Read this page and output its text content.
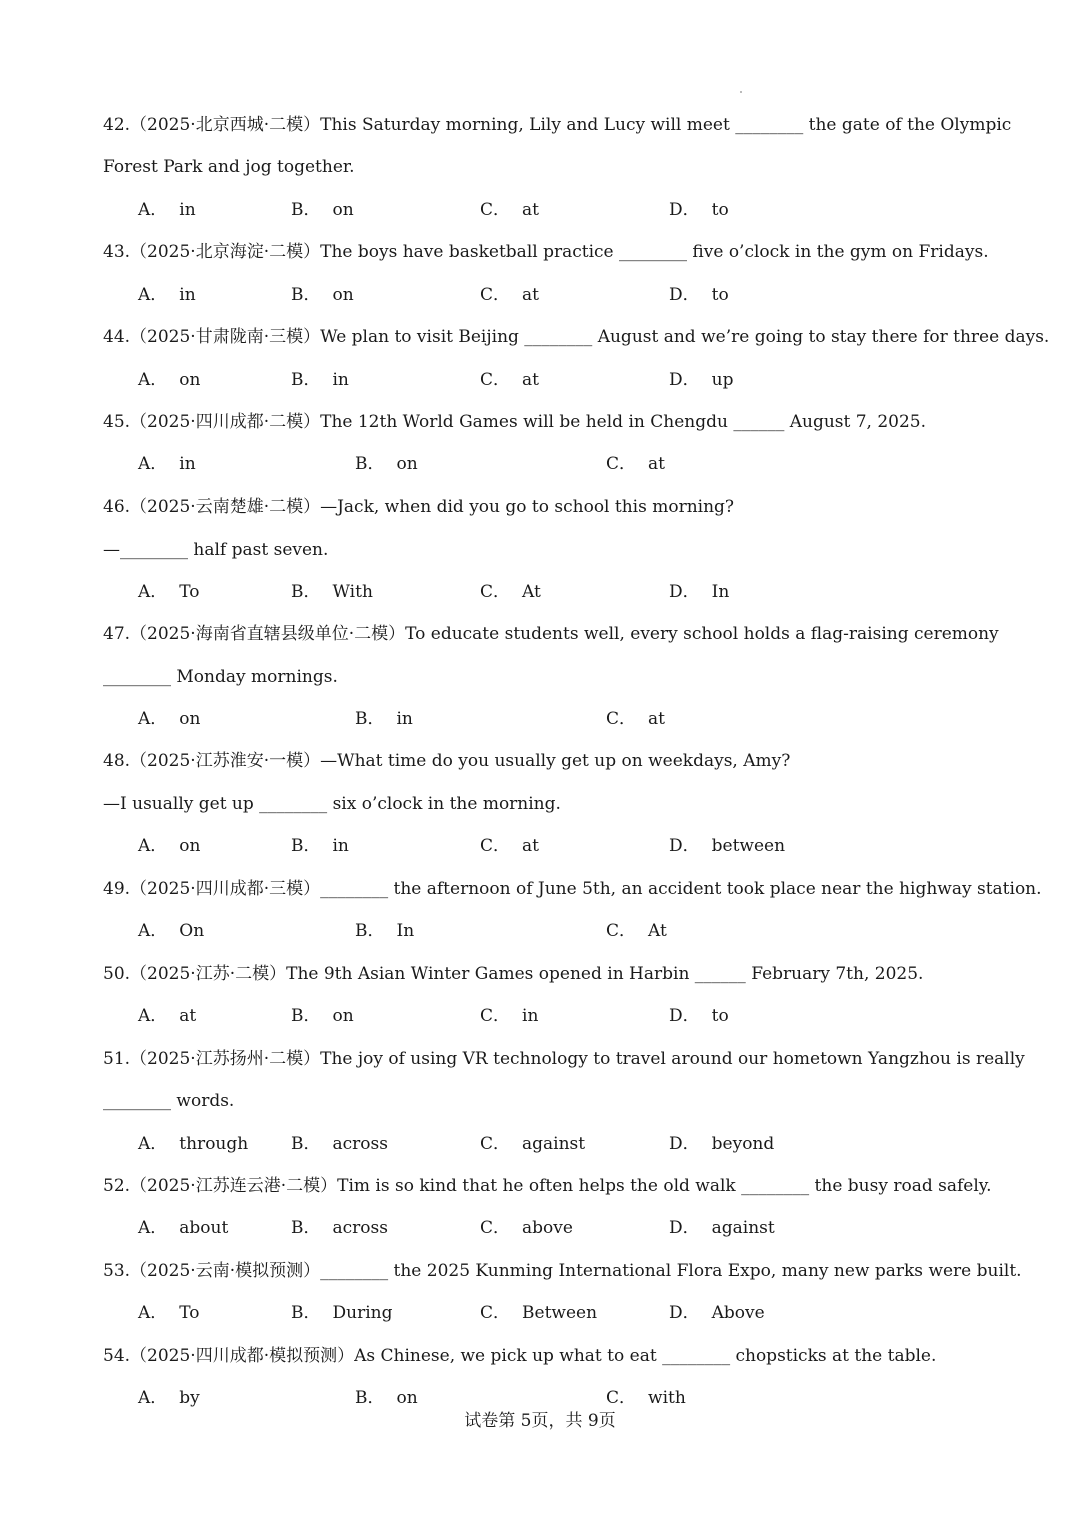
42.（2025·北京西城·二模）This Saturday morning, Lily and Lucy will meet ________ the gate of the Olympic
Forest Park and jog together.
A． in	B． on	C． at	D． to
43.（2025·北京海淀·二模）The boys have basketball practice ________ five o’clock in the gym on Fridays.
A． in	B． on	C． at	D． to
44.（2025·甘肃陇南·三模）We plan to visit Beijing ________ August and we’re going to stay there for three days.
A． on	B． in	C． at	D． up
45.（2025·四川成都·二模）The 12th World Games will be held in Chengdu ______ August 7, 2025.
A． in	B． on	C． at
46.（2025·云南楚雄·二模）—Jack, when did you go to school this morning?
—________ half past seven.
A． To	B． With	C． At	D． In
47.（2025·海南省直辖县级单位·二模）To educate students well, every school holds a flag-raising ceremony
________ Monday mornings.
A． on	B． in	C． at
48.（2025·江苏淮安·一模）—What time do you usually get up on weekdays, Amy?
—I usually get up ________ six o’clock in the morning.
A． on	B． in	C． at	D． between
49.（2025·四川成都·三模）________ the afternoon of June 5th, an accident took place near the highway station.
A． On	B． In	C． At
50.（2025·江苏·二模）The 9th Asian Winter Games opened in Harbin ______ February 7th, 2025.
A． at	B． on	C． in	D． to
51.（2025·江苏扬州·二模）The joy of using VR technology to travel around our hometown Yangzhou is really
________ words.
A． through	B． across	C． against	D． beyond
52.（2025·江苏连云港·二模）Tim is so kind that he often helps the old walk ________ the busy road safely.
A． about	B． across	C． above	D． against
53.（2025·云南·模拟预测）________ the 2025 Kunming International Flora Expo, many new parks were built.
A． To	B． During	C． Between	D． Above
54.（2025·四川成都·模拟预测）As Chinese, we pick up what to eat ________ chopsticks at the table.
A． by	B． on	C． with
试卷第 5页，共 9页
